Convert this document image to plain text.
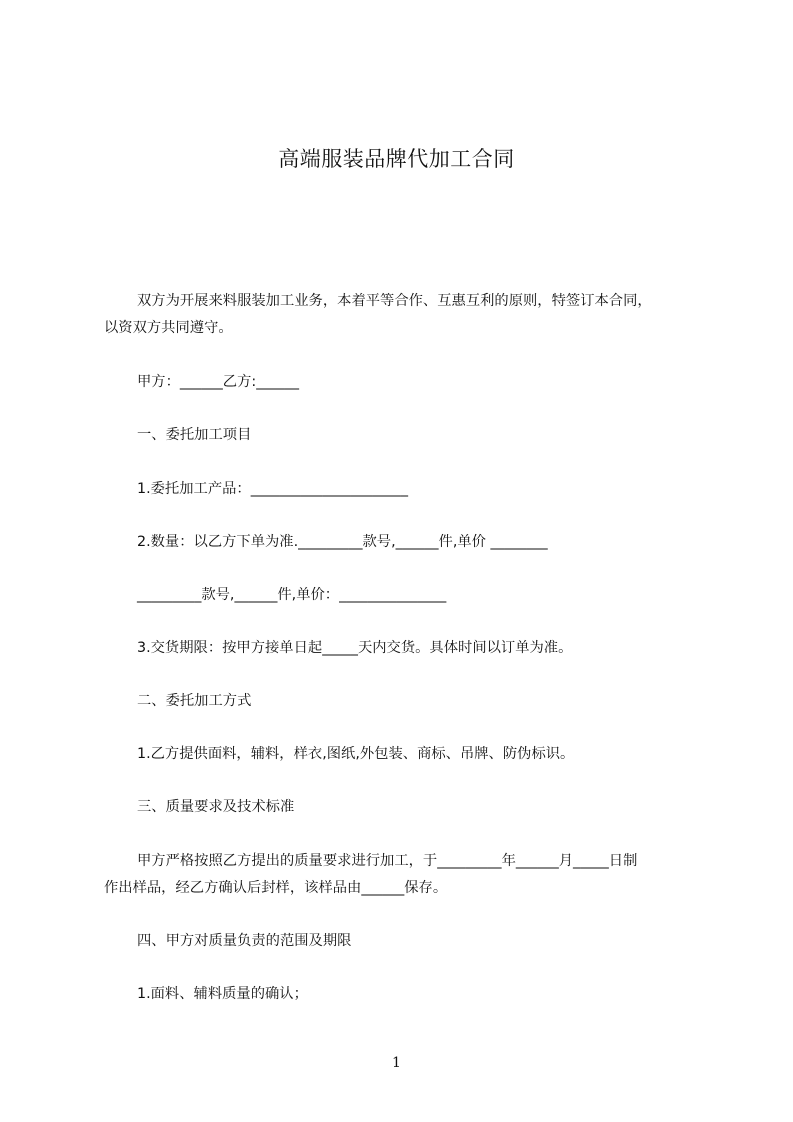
高端服装品牌代加工合同
双方为开展来料服装加工业务，本着平等合作、互惠互利的原则，特签订本合同，
以资双方共同遵守。
甲方：______乙方:______
一、委托加工项目
1.委托加工产品：______________________
2.数量：以乙方下单为准._________款号,______件,单价 ________
_________款号,______件,单价：_______________
3.交货期限：按甲方接单日起_____天内交货。具体时间以订单为准。
二、委托加工方式
1.乙方提供面料，辅料，样衣,图纸,外包装、商标、吊牌、防伪标识。
三、质量要求及技术标准
甲方严格按照乙方提出的质量要求进行加工，于_________年______月_____日制
作出样品，经乙方确认后封样，该样品由______保存。
四、甲方对质量负责的范围及期限
1.面料、辅料质量的确认；
1
